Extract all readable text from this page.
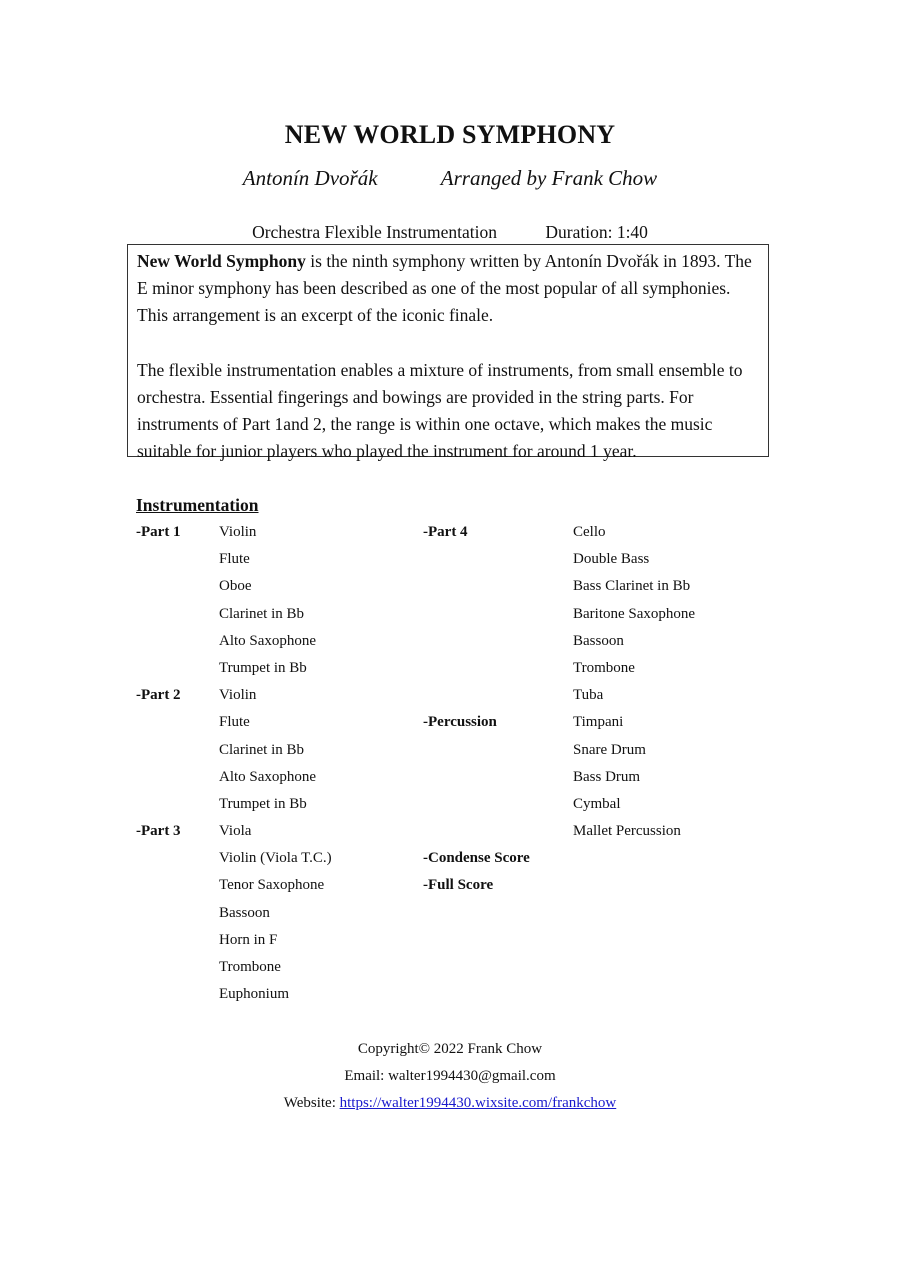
NEW WORLD SYMPHONY
Antonín Dvořák	Arranged by Frank Chow
Orchestra Flexible Instrumentation	Duration: 1:40

New World Symphony is the ninth symphony written by Antonín Dvořák in 1893. The E minor symphony has been described as one of the most popular of all symphonies. This arrangement is an excerpt of the iconic finale.

The flexible instrumentation enables a mixture of instruments, from small ensemble to orchestra. Essential fingerings and bowings are provided in the string parts. For instruments of Part 1and 2, the range is within one octave, which makes the music suitable for junior players who played the instrument for around 1 year.

Instrumentation
-Part 1
-Part 2
-Part 3
Violin
Flute
Oboe
Clarinet in Bb
Alto Saxophone
Trumpet in Bb
Violin
Flute
Clarinet in Bb
Alto Saxophone
Trumpet in Bb
Viola
Violin (Viola T.C.)
Tenor Saxophone
Bassoon
Horn in F
Trombone
Euphonium
-Part 4
-Percussion
-Condense Score
-Full Score
Cello
Double Bass
Bass Clarinet in Bb
Baritone Saxophone
Bassoon
Trombone
Tuba
Timpani
Snare Drum
Bass Drum
Cymbal
Mallet Percussion
Copyright© 2022 Frank Chow
Email: walter1994430@gmail.com
Website: https://walter1994430.wixsite.com/frankchow
